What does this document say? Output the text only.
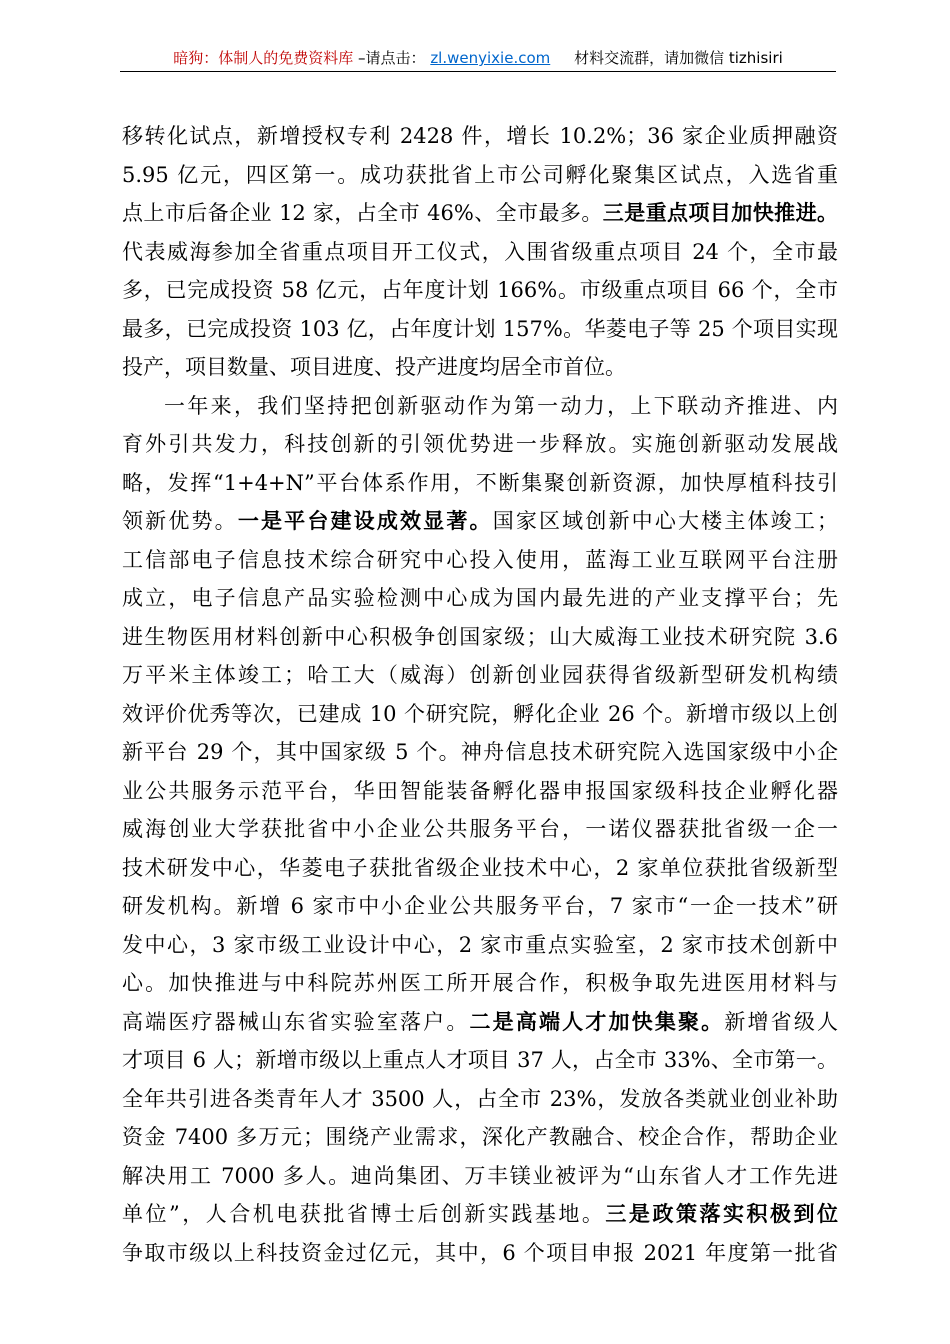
暗狗：体制人的免费资料库 –请点击： zl.wenyixie.com 材料交流群，请加微信 tizhisiri
移转化试点，新增授权专利 2428 件，增长 10.2%；36 家企业质押融资
5.95 亿元，四区第一。成功获批省上市公司孵化聚集区试点，入选省重
点上市后备企业 12 家，占全市 46%、全市最多。三是重点项目加快推进。
代表威海参加全省重点项目开工仪式，入围省级重点项目 24 个，全市最
多，已完成投资 58 亿元，占年度计划 166%。市级重点项目 66 个，全市
最多，已完成投资 103 亿，占年度计划 157%。华菱电子等 25 个项目实现
投产，项目数量、项目进度、投产进度均居全市首位。
一年来，我们坚持把创新驱动作为第一动力，上下联动齐推进、内
育外引共发力，科技创新的引领优势进一步释放。实施创新驱动发展战
略，发挥“1+4+N”平台体系作用，不断集聚创新资源，加快厚植科技引
领新优势。一是平台建设成效显著。国家区域创新中心大楼主体竣工；
工信部电子信息技术综合研究中心投入使用，蓝海工业互联网平台注册
成立，电子信息产品实验检测中心成为国内最先进的产业支撑平台；先
进生物医用材料创新中心积极争创国家级；山大威海工业技术研究院 3.6
万平米主体竣工；哈工大（威海）创新创业园获得省级新型研发机构绩
效评价优秀等次，已建成 10 个研究院，孵化企业 26 个。新增市级以上创
新平台 29 个，其中国家级 5 个。神舟信息技术研究院入选国家级中小企
业公共服务示范平台，华田智能装备孵化器申报国家级科技企业孵化器
威海创业大学获批省中小企业公共服务平台，一诺仪器获批省级一企一
技术研发中心，华菱电子获批省级企业技术中心，2 家单位获批省级新型
研发机构。新增 6 家市中小企业公共服务平台，7 家市“一企一技术”研
发中心，3 家市级工业设计中心，2 家市重点实验室，2 家市技术创新中
心。加快推进与中科院苏州医工所开展合作，积极争取先进医用材料与
高端医疗器械山东省实验室落户。二是高端人才加快集聚。新增省级人
才项目 6 人；新增市级以上重点人才项目 37 人，占全市 33%、全市第一。
全年共引进各类青年人才 3500 人，占全市 23%，发放各类就业创业补助
资金 7400 多万元；围绕产业需求，深化产教融合、校企合作，帮助企业
解决用工 7000 多人。迪尚集团、万丰镁业被评为“山东省人才工作先进
单位”，人合机电获批省博士后创新实践基地。三是政策落实积极到位
争取市级以上科技资金过亿元，其中，6 个项目申报 2021 年度第一批省
